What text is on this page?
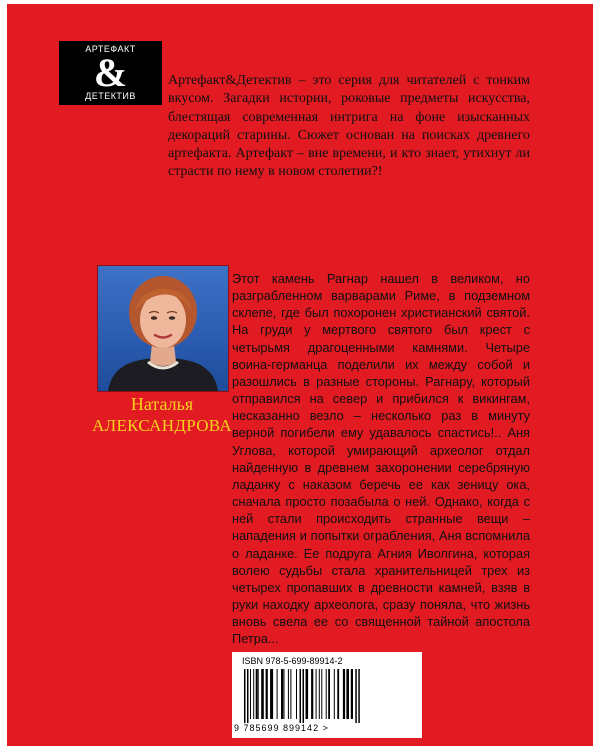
АРТЕФАКТ
&
ДЕТЕКТИВ

Артефакт&Детектив – это серия для читателей с тонким вкусом. Загадки истории, роковые предметы искусства, блестящая современная интрига на фоне изысканных декораций старины. Сюжет основан на поисках древнего артефакта. Артефакт – вне времени, и кто знает, утихнут ли страсти по нему в новом столетии?!

Наталья
АЛЕКСАНДРОВА

Этот камень Рагнар нашел в великом, но разграбленном варварами Риме, в подземном склепе, где был похоронен христианский святой. На груди у мертвого святого был крест с четырьмя драгоценными камнями. Четыре воина-германца поделили их между собой и разошлись в разные стороны. Рагнару, который отправился на север и прибился к викингам, несказанно везло – несколько раз в минуту верной погибели ему удавалось спастись!.. Аня Углова, которой умирающий археолог отдал найденную в древнем захоронении серебряную ладанку с наказом беречь ее как зеницу ока, сначала просто позабыла о ней. Однако, когда с ней стали происходить странные вещи – нападения и попытки ограбления, Аня вспомнила о ладанке. Ее подруга Агния Иволгина, которая волею судьбы стала хранительницей трех из четырех пропавших в древности камней, взяв в руки находку археолога, сразу поняла, что жизнь вновь свела ее со священной тайной апостола Петра...

ISBN 978-5-699-89914-2
9 785699 899142 >
